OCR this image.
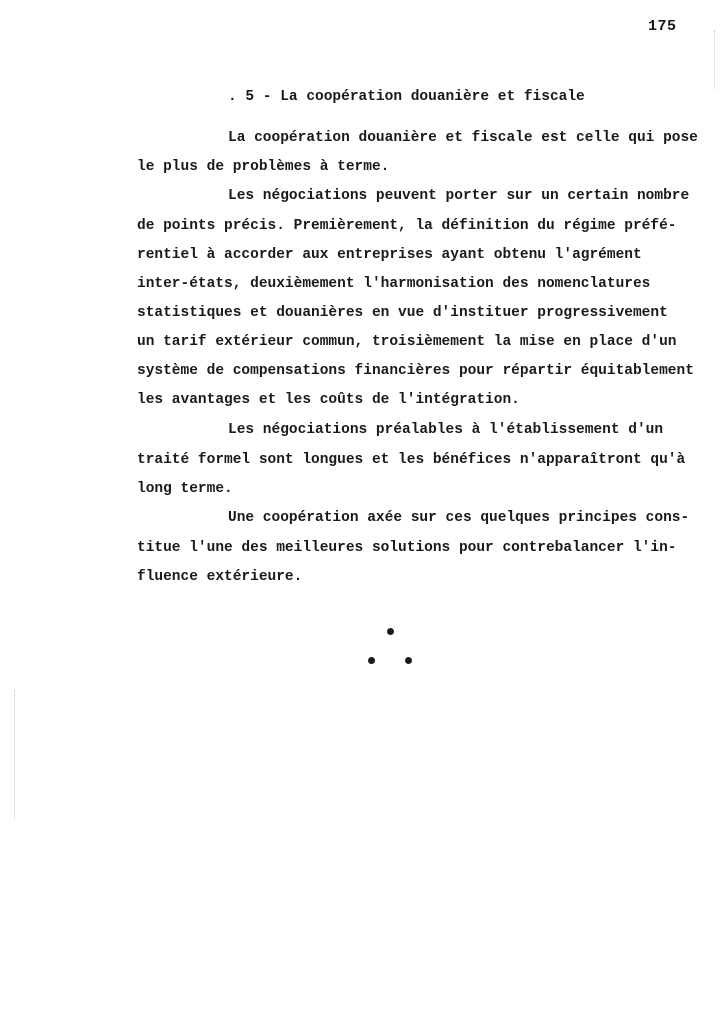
175
. 5 - La coopération douanière et fiscale
La coopération douanière et fiscale est celle qui pose
le plus de problèmes à terme.
Les négociations peuvent porter sur un certain nombre
de points précis. Premièrement, la définition du régime préfé-
rentiel à accorder aux entreprises ayant obtenu l'agrément
inter-états, deuxièmement l'harmonisation des nomenclatures
statistiques et douanières en vue d'instituer progressivement
un tarif extérieur commun, troisièmement la mise en place d'un
système de compensations financières pour répartir équitablement
les avantages et les coûts de l'intégration.
Les négociations préalables à l'établissement d'un
traité formel sont longues et les bénéfices n'apparaîtront qu'à
long terme.
Une coopération axée sur ces quelques principes cons-
titue l'une des meilleures solutions pour contrebalancer l'in-
fluence extérieure.
